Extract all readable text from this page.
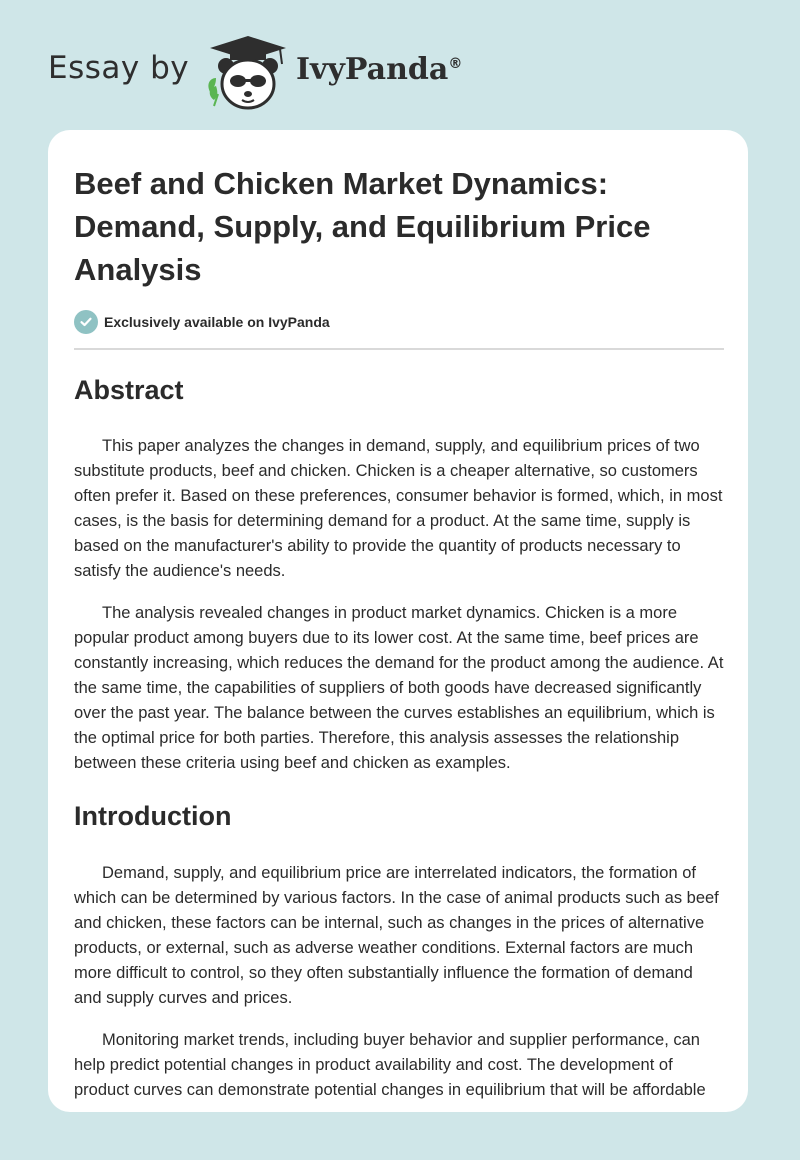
Essay by	IvyPanda®
Beef and Chicken Market Dynamics: Demand, Supply, and Equilibrium Price Analysis
Exclusively available on IvyPanda
Abstract

This paper analyzes the changes in demand, supply, and equilibrium prices of two substitute products, beef and chicken. Chicken is a cheaper alternative, so customers often prefer it. Based on these preferences, consumer behavior is formed, which, in most cases, is the basis for determining demand for a product. At the same time, supply is based on the manufacturer's ability to provide the quantity of products necessary to satisfy the audience's needs.

The analysis revealed changes in product market dynamics. Chicken is a more popular product among buyers due to its lower cost. At the same time, beef prices are constantly increasing, which reduces the demand for the product among the audience. At the same time, the capabilities of suppliers of both goods have decreased significantly over the past year. The balance between the curves establishes an equilibrium, which is the optimal price for both parties. Therefore, this analysis assesses the relationship between these criteria using beef and chicken as examples.

Introduction

Demand, supply, and equilibrium price are interrelated indicators, the formation of which can be determined by various factors. In the case of animal products such as beef and chicken, these factors can be internal, such as changes in the prices of alternative products, or external, such as adverse weather conditions. External factors are much more difficult to control, so they often substantially influence the formation of demand and supply curves and prices.

Monitoring market trends, including buyer behavior and supplier performance, can help predict potential changes in product availability and cost. The development of product curves can demonstrate potential changes in equilibrium that will be affordable
